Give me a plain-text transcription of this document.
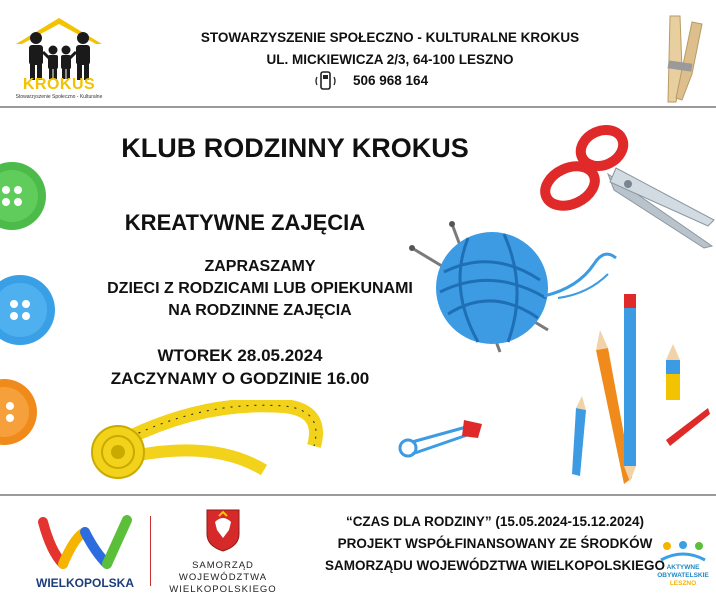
KROKUS
Stowarzyszenie Społeczno - Kulturalne
STOWARZYSZENIE SPOŁECZNO - KULTURALNE KROKUS
UL. MICKIEWICZA 2/3, 64-100 LESZNO
506 968 164
KLUB RODZINNY KROKUS
KREATYWNE ZAJĘCIA
ZAPRASZAMY
DZIECI Z RODZICAMI LUB OPIEKUNAMI
NA RODZINNE ZAJĘCIA
WTOREK 28.05.2024
ZACZYNAMY O GODZINIE 16.00
WIELKOPOLSKA
SAMORZĄD
WOJEWÓDZTWA
WIELKOPOLSKIEGO
“CZAS DLA RODZINY” (15.05.2024-15.12.2024)
PROJEKT WSPÓŁFINANSOWANY ZE ŚRODKÓW
SAMORZĄDU WOJEWÓDZTWA WIELKOPOLSKIEGO AKTYWNE
OBYWATELSKIE
LESZNO
